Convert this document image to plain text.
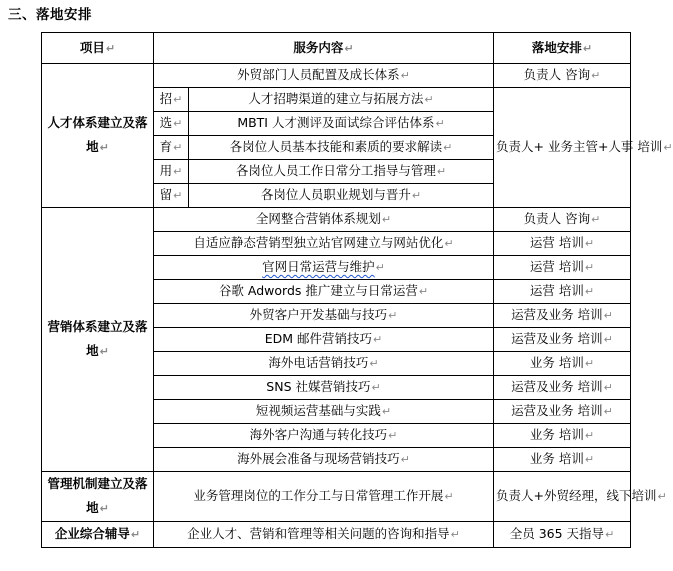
三、落地安排
项目↵	服务内容↵		落地安排↵
人才体系建立及落地↵	外贸部门人员配置及成长体系↵		负责人 咨询↵
	招↵	人才招聘渠道的建立与拓展方法↵	负责人+ 业务主管+人事 培训↵
	选↵	MBTI 人才测评及面试综合评估体系↵	
	育↵	各岗位人员基本技能和素质的要求解读↵	
	用↵	各岗位人员工作日常分工指导与管理↵	
	留↵	各岗位人员职业规划与晋升↵	
营销体系建立及落地↵	全网整合营销体系规划↵		负责人 咨询↵
	自适应静态营销型独立站官网建立与网站优化↵		运营 培训↵
	官网日常运营与维护↵		运营 培训↵
	谷歌 Adwords 推广建立与日常运营↵		运营 培训↵
	外贸客户开发基础与技巧↵		运营及业务 培训↵
	EDM 邮件营销技巧↵		运营及业务 培训↵
	海外电话营销技巧↵		业务 培训↵
	SNS 社媒营销技巧↵		运营及业务 培训↵
	短视频运营基础与实践↵		运营及业务 培训↵
	海外客户沟通与转化技巧↵		业务 培训↵
	海外展会准备与现场营销技巧↵		业务 培训↵
管理机制建立及落地↵	业务管理岗位的工作分工与日常管理工作开展↵		负责人+外贸经理，线下培训↵
企业综合辅导↵	企业人才、营销和管理等相关问题的咨询和指导↵		全员 365 天指导↵
